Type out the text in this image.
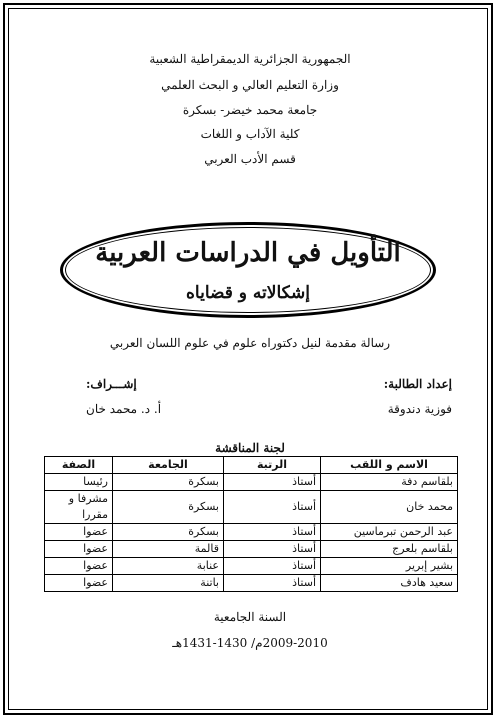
الجمهورية الجزائرية الديمقراطية الشعبية
وزارة التعليم العالي و البحث العلمي
جامعة محمد خيضر- بسكرة
كلية الآداب و اللغات
قسم الأدب العربي
التأويل في الدراسات العربية
إشكالاته و قضاياه
رسالة مقدمة لنيل دكتوراه علوم في علوم اللسان العربي
إعداد الطالبة:
فوزية دندوقة
إشـــراف:
أ. د. محمد خان
لجنة المناقشة
الاسم و اللقب	الرتبة	الجامعة	الصفة
بلقاسم دفة	أستاذ	بسكرة	رئيسا
محمد خان	أستاذ	بسكرة	مشرفا و مقررا
عبد الرحمن تبرماسين	أستاذ	بسكرة	عضوا
بلقاسم بلعرج	أستاذ	قالمة	عضوا
بشير إبرير	أستاذ	عنابة	عضوا
سعيد هادف	أستاذ	باتنة	عضوا
السنة الجامعية
2009-2010م/ 1430-1431هـ
